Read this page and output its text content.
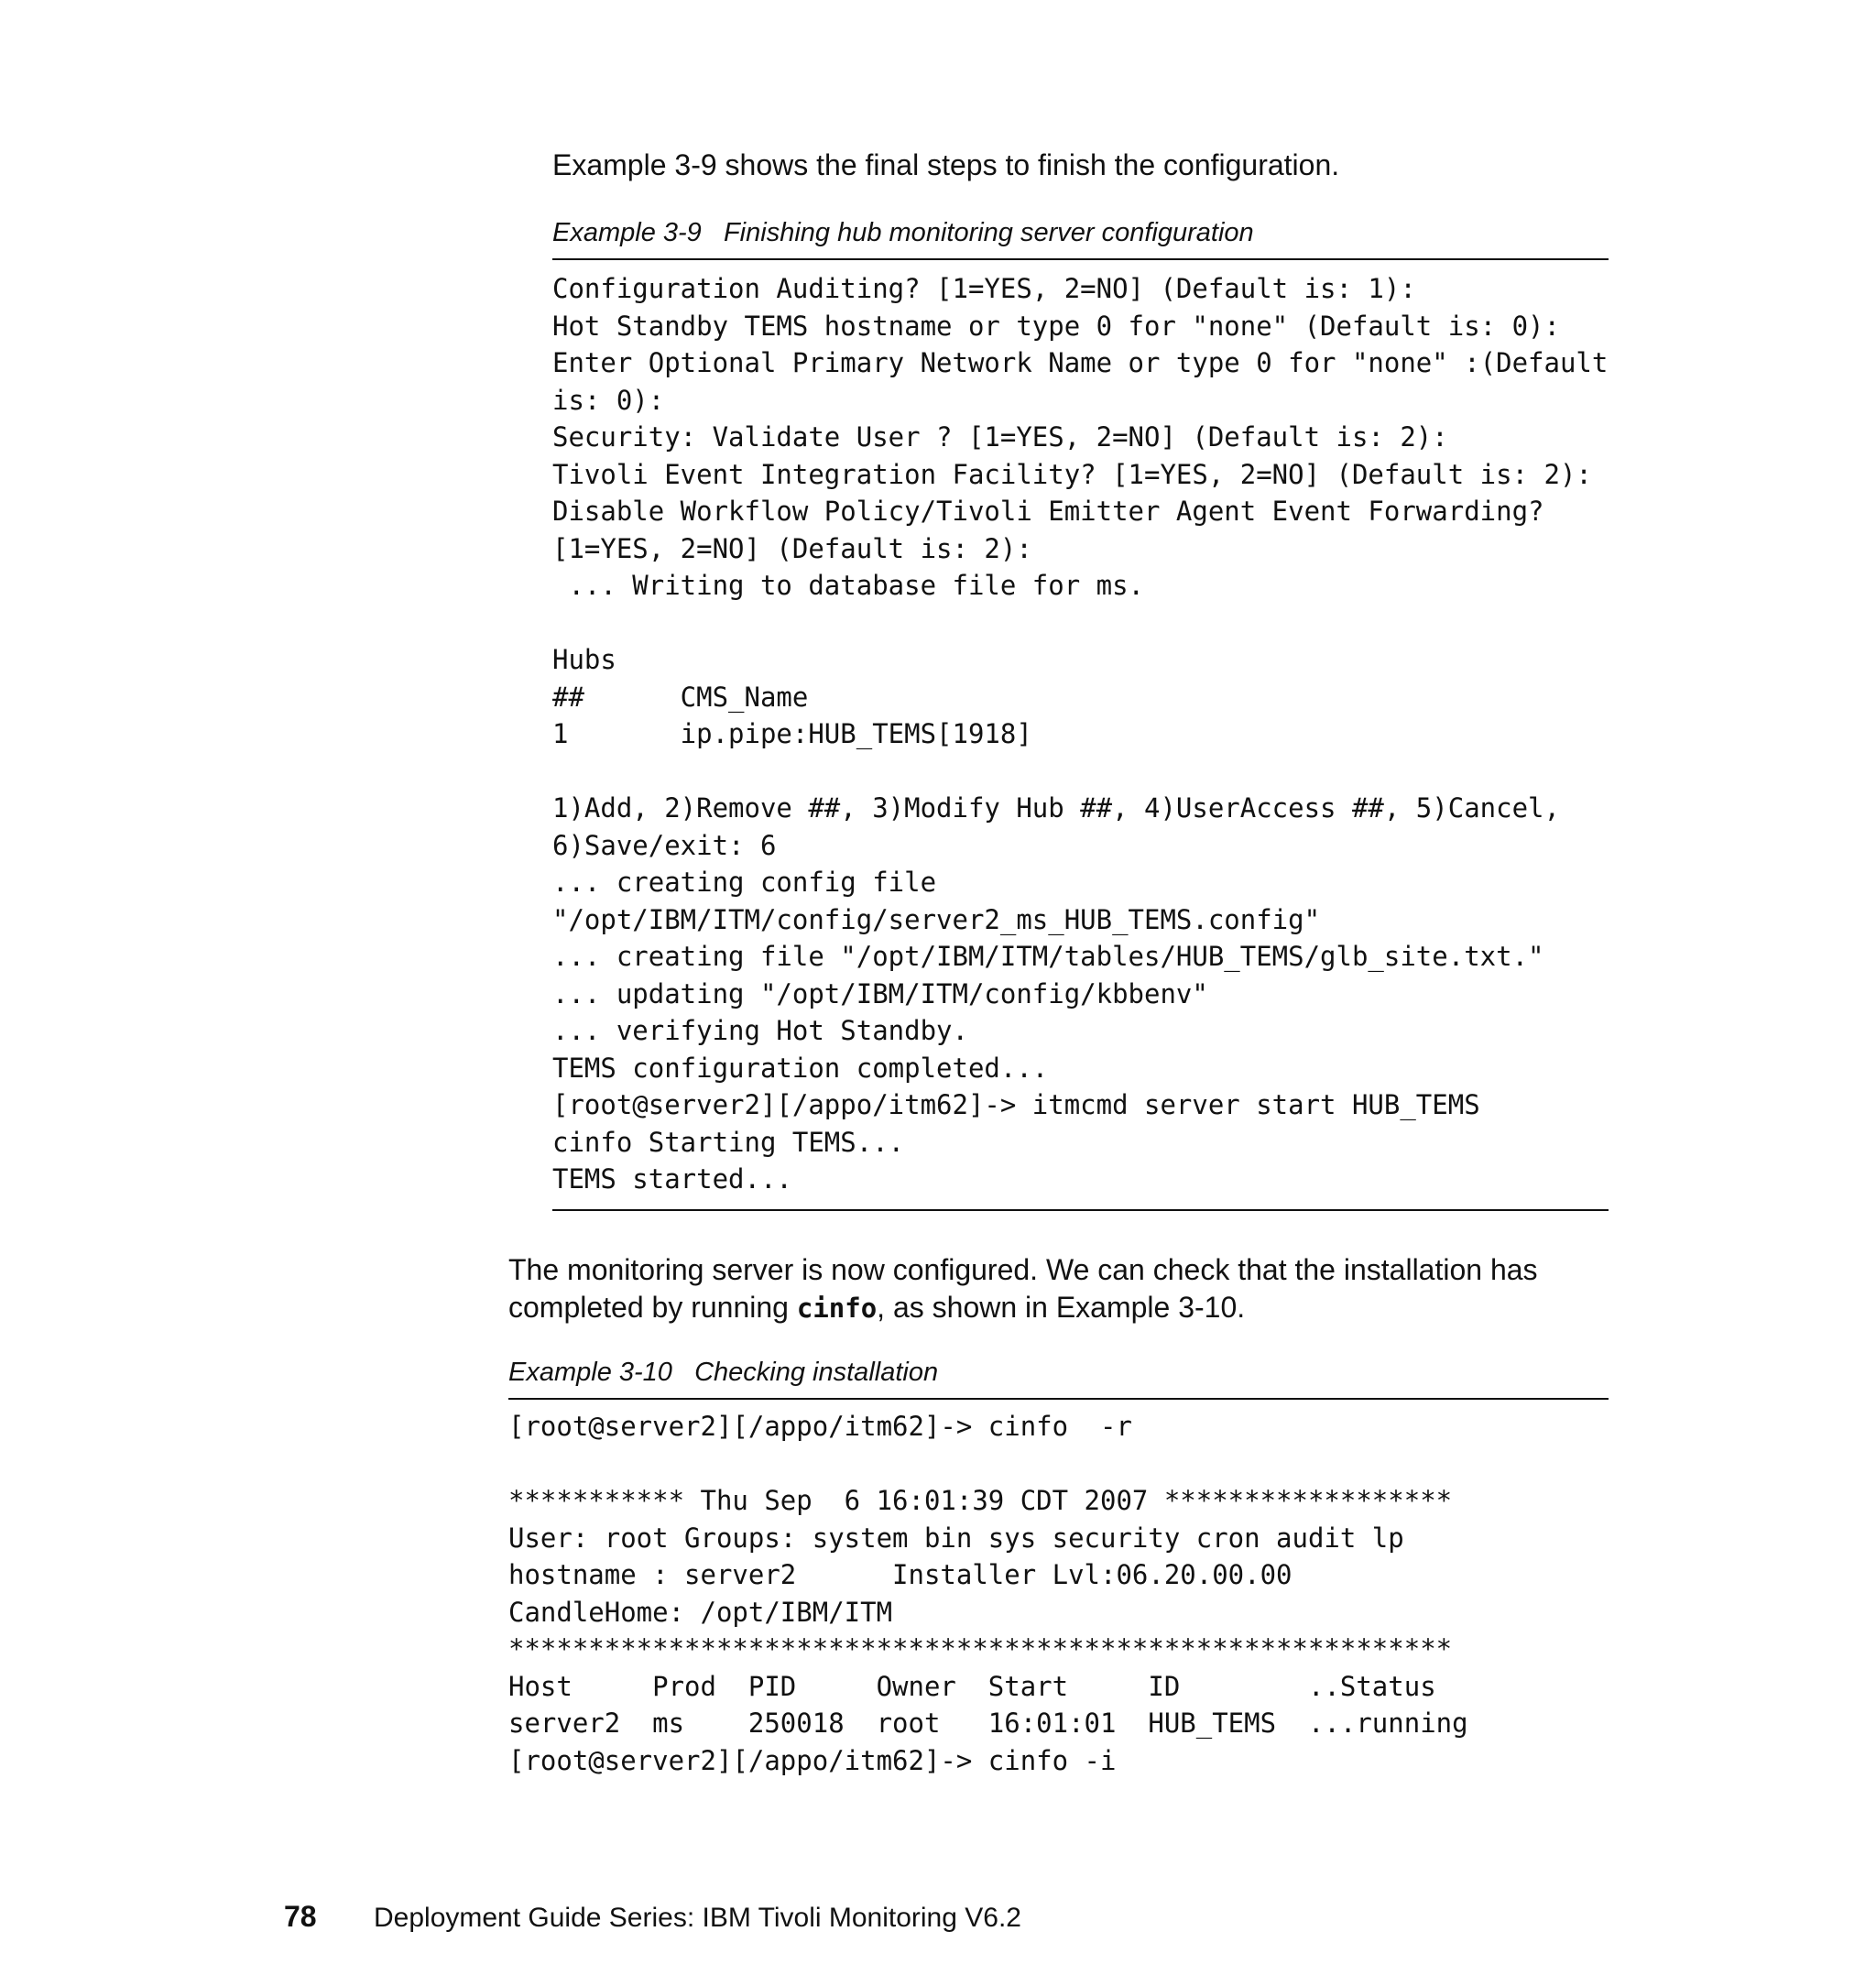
Example 3-9 shows the final steps to finish the configuration.

Example 3-9   Finishing hub monitoring server configuration

Configuration Auditing? [1=YES, 2=NO] (Default is: 1):
Hot Standby TEMS hostname or type 0 for "none" (Default is: 0):
Enter Optional Primary Network Name or type 0 for "none" :(Default
is: 0):
Security: Validate User ? [1=YES, 2=NO] (Default is: 2):
Tivoli Event Integration Facility? [1=YES, 2=NO] (Default is: 2):
Disable Workflow Policy/Tivoli Emitter Agent Event Forwarding?
[1=YES, 2=NO] (Default is: 2):
... Writing to database file for ms.

Hubs
##      CMS_Name
1       ip.pipe:HUB_TEMS[1918]

1)Add, 2)Remove ##, 3)Modify Hub ##, 4)UserAccess ##, 5)Cancel,
6)Save/exit: 6
... creating config file
"/opt/IBM/ITM/config/server2_ms_HUB_TEMS.config"
... creating file "/opt/IBM/ITM/tables/HUB_TEMS/glb_site.txt."
... updating "/opt/IBM/ITM/config/kbbenv"
... verifying Hot Standby.
TEMS configuration completed...
[root@server2][/appo/itm62]-> itmcmd server start HUB_TEMS
cinfo Starting TEMS...
TEMS started...

The monitoring server is now configured. We can check that the installation has completed by running cinfo, as shown in Example 3-10.

Example 3-10   Checking installation

[root@server2][/appo/itm62]-> cinfo  -r

*********** Thu Sep  6 16:01:39 CDT 2007 ******************
User: root Groups: system bin sys security cron audit lp
hostname : server2      Installer Lvl:06.20.00.00
CandleHome: /opt/IBM/ITM
***********************************************************
Host     Prod  PID     Owner  Start     ID        ..Status
server2  ms    250018  root   16:01:01  HUB_TEMS  ...running
[root@server2][/appo/itm62]-> cinfo -i
78 Deployment Guide Series: IBM Tivoli Monitoring V6.2
